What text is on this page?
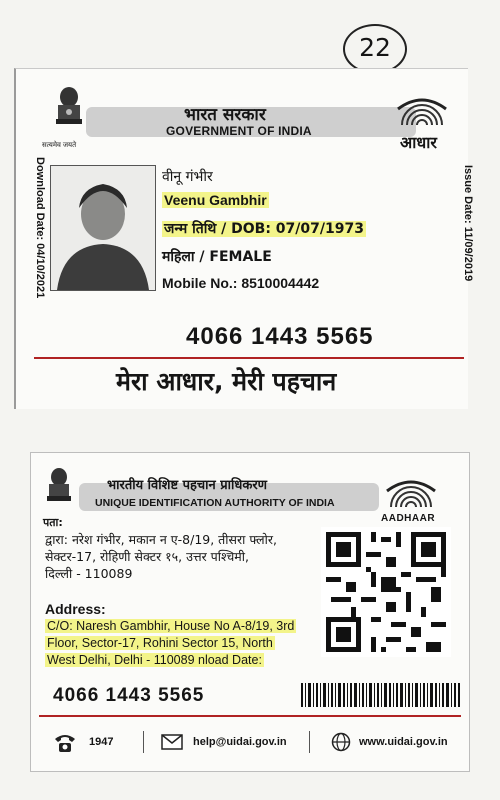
22
सत्यमेव जयते
भारत सरकार
GOVERNMENT OF INDIA
आधार
Download Date: 04/10/2021	Issue Date: 11/09/2019
वीनू गंभीर
Veenu Gambhir
जन्म तिथि / DOB: 07/07/1973
महिला / FEMALE
Mobile No.: 8510004442
4066 1443 5565
मेरा आधार, मेरी पहचान
पता:
भारतीय विशिष्ट पहचान प्राधिकरण
UNIQUE IDENTIFICATION AUTHORITY OF INDIA
AADHAAR
द्वारा: नरेश गंभीर, मकान न ए-8/19, तीसरा फ्लोर,
सेक्टर-17, रोहिणी सेक्टर १५, उत्तर पश्चिमी,
दिल्ली - 110089
Address:
C/O: Naresh Gambhir, House No A-8/19, 3rd
Floor, Sector-17, Rohini Sector 15, North
West Delhi, Delhi - 110089 nload Date:
4066 1443 5565
1947	help@uidai.gov.in	www.uidai.gov.in
